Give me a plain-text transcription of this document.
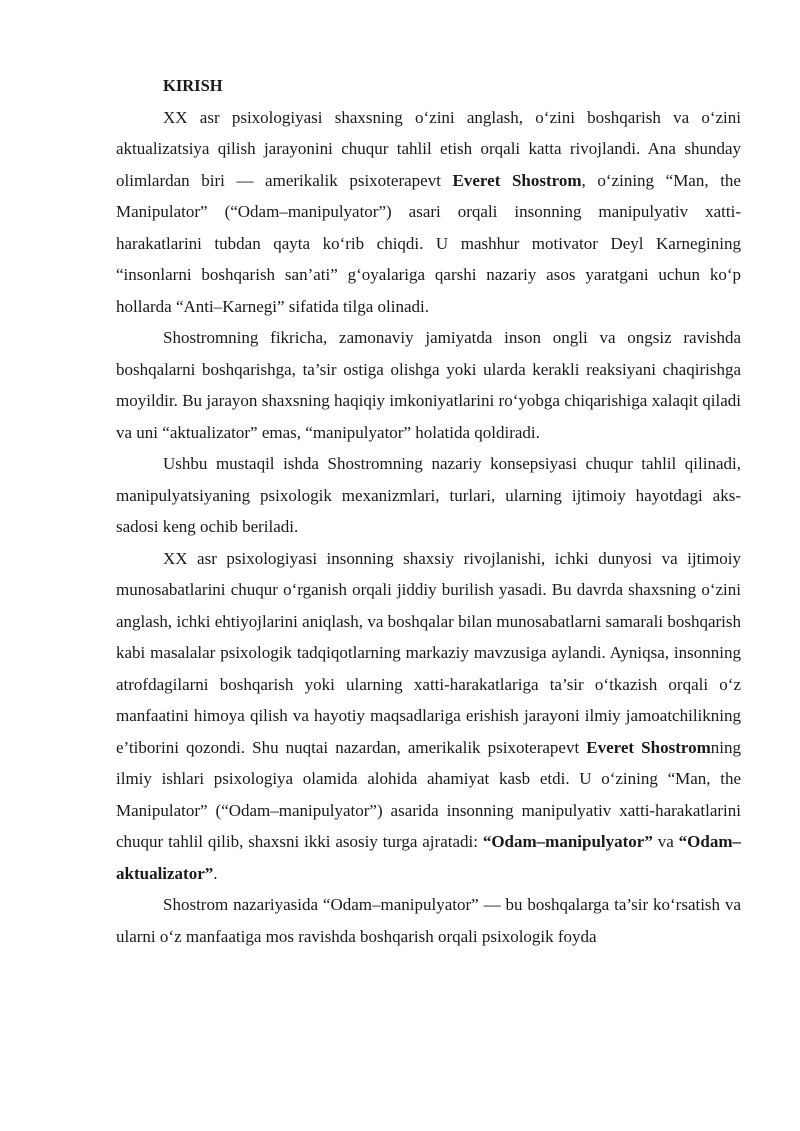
KIRISH

XX asr psixologiyasi shaxsning o‘zini anglash, o‘zini boshqarish va o‘zini aktualizatsiya qilish jarayonini chuqur tahlil etish orqali katta rivojlandi. Ana shunday olimlardan biri — amerikalik psixoterapevt Everet Shostrom, o‘zining “Man, the Manipulator” (“Odam–manipulyator”) asari orqali insonning manipulyativ xatti-harakatlarini tubdan qayta ko‘rib chiqdi. U mashhur motivator Deyl Karnegining “insonlarni boshqarish san’ati” g‘oyalariga qarshi nazariy asos yaratgani uchun ko‘p hollarda “Anti–Karnegi” sifatida tilga olinadi.

Shostromning fikricha, zamonaviy jamiyatda inson ongli va ongsiz ravishda boshqalarni boshqarishga, ta’sir ostiga olishga yoki ularda kerakli reaksiyani chaqirishga moyildir. Bu jarayon shaxsning haqiqiy imkoniyatlarini ro‘yobga chiqarishiga xalaqit qiladi va uni “aktualizator” emas, “manipulyator” holatida qoldiradi.

Ushbu mustaqil ishda Shostromning nazariy konsepsiyasi chuqur tahlil qilinadi, manipulyatsiyaning psixologik mexanizmlari, turlari, ularning ijtimoiy hayotdagi aks-sadosi keng ochib beriladi.

XX asr psixologiyasi insonning shaxsiy rivojlanishi, ichki dunyosi va ijtimoiy munosabatlarini chuqur o‘rganish orqali jiddiy burilish yasadi. Bu davrda shaxsning o‘zini anglash, ichki ehtiyojlarini aniqlash, va boshqalar bilan munosabatlarni samarali boshqarish kabi masalalar psixologik tadqiqotlarning markaziy mavzusiga aylandi. Ayniqsa, insonning atrofdagilarni boshqarish yoki ularning xatti-harakatlariga ta’sir o‘tkazish orqali o‘z manfaatini himoya qilish va hayotiy maqsadlariga erishish jarayoni ilmiy jamoatchilikning e’tiborini qozondi. Shu nuqtai nazardan, amerikalik psixoterapevt Everet Shostromning ilmiy ishlari psixologiya olamida alohida ahamiyat kasb etdi. U o‘zining “Man, the Manipulator” (“Odam–manipulyator”) asarida insonning manipulyativ xatti-harakatlarini chuqur tahlil qilib, shaxsni ikki asosiy turga ajratadi: “Odam–manipulyator” va “Odam–aktualizator”.

Shostrom nazariyasida “Odam–manipulyator” — bu boshqalarga ta’sir ko‘rsatish va ularni o‘z manfaatiga mos ravishda boshqarish orqali psixologik foyda
